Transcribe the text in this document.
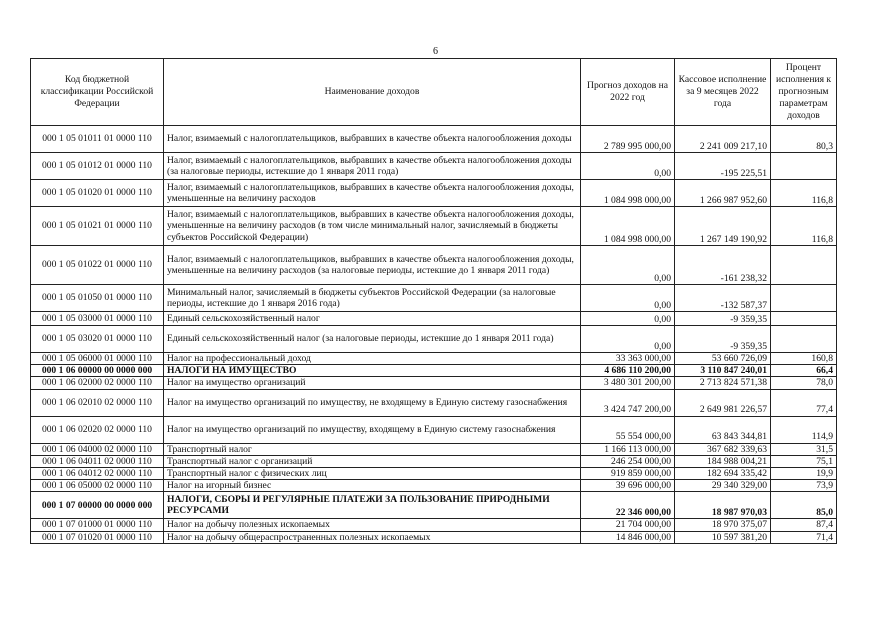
6
Код бюджетной классификации Российской Федерации	Наименование доходов	Прогноз доходов на 2022 год	Кассовое исполнение за 9 месяцев 2022 года	Процент исполнения к прогнозным параметрам доходов
000 1 05 01011 01 0000 110	Налог, взимаемый с налогоплательщиков, выбравших в качестве объекта налогообложения доходы	2 789 995 000,00	2 241 009 217,10	80,3
000 1 05 01012 01 0000 110	Налог, взимаемый с налогоплательщиков, выбравших в качестве объекта налогообложения доходы (за налоговые периоды, истекшие до 1 января 2011 года)	0,00	-195 225,51	
000 1 05 01020 01 0000 110	Налог, взимаемый с налогоплательщиков, выбравших в качестве объекта налогообложения доходы, уменьшенные на величину расходов	1 084 998 000,00	1 266 987 952,60	116,8
000 1 05 01021 01 0000 110	Налог, взимаемый с налогоплательщиков, выбравших в качестве объекта налогообложения доходы, уменьшенные на величину расходов (в том числе минимальный налог, зачисляемый в бюджеты субъектов Российской Федерации)	1 084 998 000,00	1 267 149 190,92	116,8
000 1 05 01022 01 0000 110	Налог, взимаемый с налогоплательщиков, выбравших в качестве объекта налогообложения доходы, уменьшенные на величину расходов (за налоговые периоды, истекшие до 1 января 2011 года)	0,00	-161 238,32	
000 1 05 01050 01 0000 110	Минимальный налог, зачисляемый в бюджеты субъектов Российской Федерации (за налоговые периоды, истекшие до 1 января 2016 года)	0,00	-132 587,37	
000 1 05 03000 01 0000 110	Единый сельскохозяйственный налог	0,00	-9 359,35	
000 1 05 03020 01 0000 110	Единый сельскохозяйственный налог (за налоговые периоды, истекшие до 1 января 2011 года)	0,00	-9 359,35	
000 1 05 06000 01 0000 110	Налог на профессиональный доход	33 363 000,00	53 660 726,09	160,8
000 1 06 00000 00 0000 000	НАЛОГИ НА ИМУЩЕСТВО	4 686 110 200,00	3 110 847 240,01	66,4
000 1 06 02000 02 0000 110	Налог на имущество организаций	3 480 301 200,00	2 713 824 571,38	78,0
000 1 06 02010 02 0000 110	Налог на имущество организаций по имуществу, не входящему в Единую систему газоснабжения	3 424 747 200,00	2 649 981 226,57	77,4
000 1 06 02020 02 0000 110	Налог на имущество организаций по имуществу, входящему в Единую систему газоснабжения	55 554 000,00	63 843 344,81	114,9
000 1 06 04000 02 0000 110	Транспортный налог	1 166 113 000,00	367 682 339,63	31,5
000 1 06 04011 02 0000 110	Транспортный налог с организаций	246 254 000,00	184 988 004,21	75,1
000 1 06 04012 02 0000 110	Транспортный налог с физических лиц	919 859 000,00	182 694 335,42	19,9
000 1 06 05000 02 0000 110	Налог на игорный бизнес	39 696 000,00	29 340 329,00	73,9
000 1 07 00000 00 0000 000	НАЛОГИ, СБОРЫ И РЕГУЛЯРНЫЕ ПЛАТЕЖИ ЗА ПОЛЬЗОВАНИЕ ПРИРОДНЫМИ РЕСУРСАМИ	22 346 000,00	18 987 970,03	85,0
000 1 07 01000 01 0000 110	Налог на добычу полезных ископаемых	21 704 000,00	18 970 375,07	87,4
000 1 07 01020 01 0000 110	Налог на добычу общераспространенных полезных ископаемых	14 846 000,00	10 597 381,20	71,4
